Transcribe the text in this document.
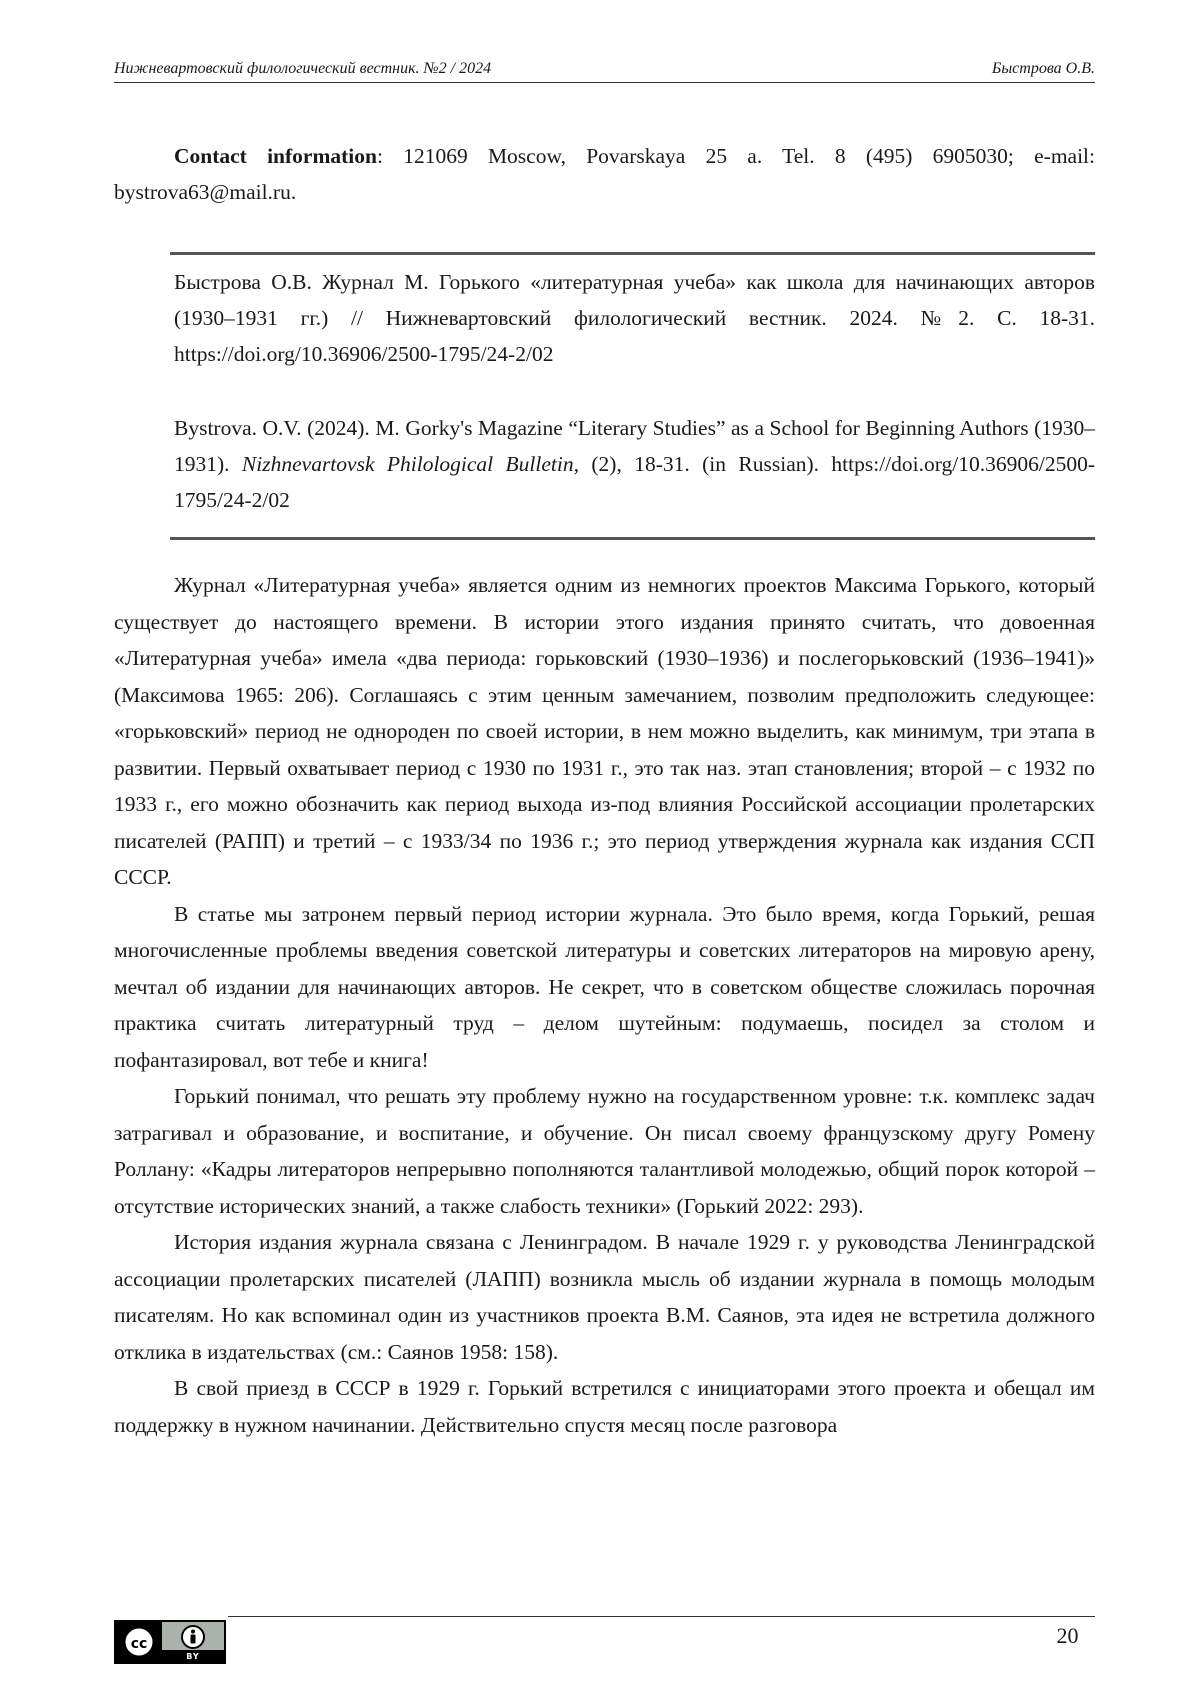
Нижневартовский филологический вестник. №2 / 2024	Быстрова О.В.

Contact information: 121069 Moscow, Povarskaya 25 a. Tel. 8 (495) 6905030; e-mail: bystrova63@mail.ru.

Быстрова О.В. Журнал М. Горького «литературная учеба» как школа для начинающих авторов (1930–1931 гг.) // Нижневартовский филологический вестник. 2024. №2. С. 18-31. https://doi.org/10.36906/2500-1795/24-2/02

Bystrova. O.V. (2024). M. Gorky's Magazine “Literary Studies” as a School for Beginning Authors (1930–1931). Nizhnevartovsk Philological Bulletin, (2), 18-31. (in Russian). https://doi.org/10.36906/2500-1795/24-2/02

Журнал «Литературная учеба» является одним из немногих проектов Максима Горького, который существует до настоящего времени. В истории этого издания принято считать, что довоенная «Литературная учеба» имела «два периода: горьковский (1930–1936) и послегорьковский (1936–1941)» (Максимова 1965: 206). Соглашаясь с этим ценным замечанием, позволим предположить следующее: «горьковский» период не однороден по своей истории, в нем можно выделить, как минимум, три этапа в развитии. Первый охватывает период с 1930 по 1931 г., это так наз. этап становления; второй – с 1932 по 1933 г., его можно обозначить как период выхода из-под влияния Российской ассоциации пролетарских писателей (РАПП) и третий – с 1933/34 по 1936 г.; это период утверждения журнала как издания ССП СССР.

В статье мы затронем первый период истории журнала. Это было время, когда Горький, решая многочисленные проблемы введения советской литературы и советских литераторов на мировую арену, мечтал об издании для начинающих авторов. Не секрет, что в советском обществе сложилась порочная практика считать литературный труд – делом шутейным: подумаешь, посидел за столом и пофантазировал, вот тебе и книга!

Горький понимал, что решать эту проблему нужно на государственном уровне: т.к. комплекс задач затрагивал и образование, и воспитание, и обучение. Он писал своему французскому другу Ромену Роллану: «Кадры литераторов непрерывно пополняются талантливой молодежью, общий порок которой – отсутствие исторических знаний, а также слабость техники» (Горький 2022: 293).

История издания журнала связана с Ленинградом. В начале 1929 г. у руководства Ленинградской ассоциации пролетарских писателей (ЛАПП) возникла мысль об издании журнала в помощь молодым писателям. Но как вспоминал один из участников проекта В.М. Саянов, эта идея не встретила должного отклика в издательствах (см.: Саянов 1958: 158).

В свой приезд в СССР в 1929 г. Горький встретился с инициаторами этого проекта и обещал им поддержку в нужном начинании. Действительно спустя месяц после разговора

cc
BY
20
